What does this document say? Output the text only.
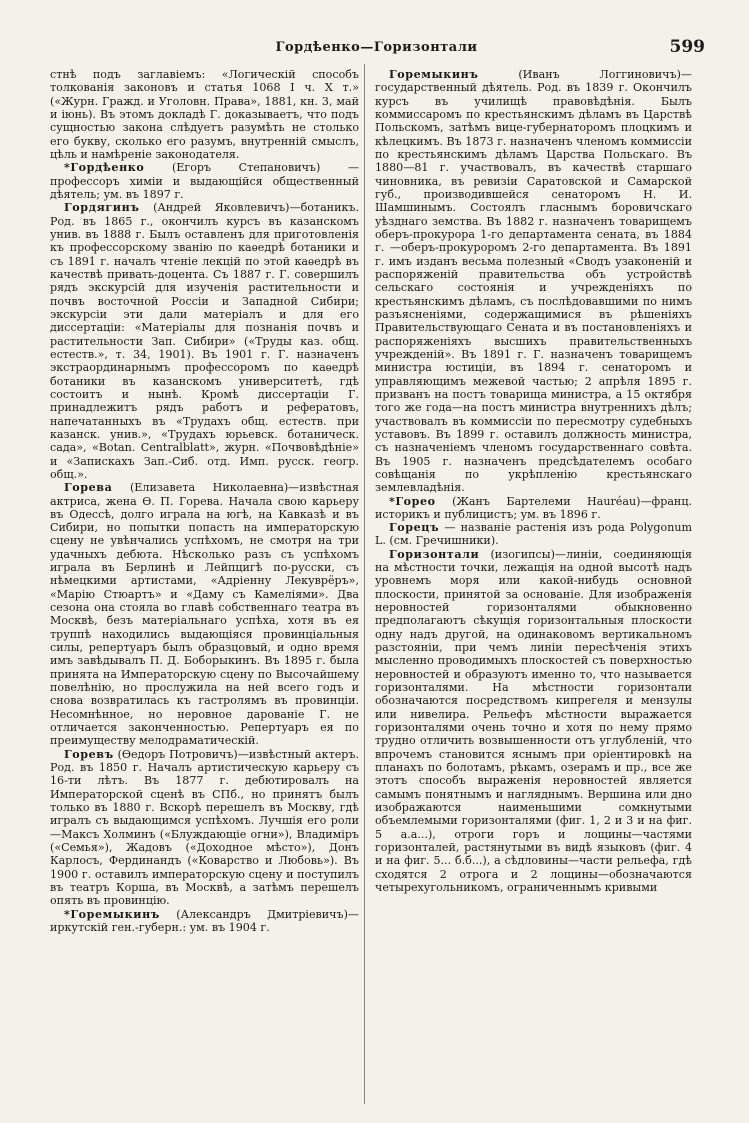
Гордѣенко—Горизонтали	599

стнѣ подъ заглавіемъ: «Логическій способъ толкованія законовъ и статья 1068 I ч. X т.» («Журн. Гражд. и Уголовн. Права», 1881, кн. 3, май и іюнь). Въ этомъ докладѣ Г. доказываетъ, что подъ сущностью закона слѣдуетъ разумѣть не столько его букву, сколько его разумъ, внутренній смыслъ, цѣль и намѣреніе законодателя.

*Гордѣенко (Егоръ Степановичъ) — профессоръ химіи и выдающійся общественный дѣятель; ум. въ 1897 г.

Гордягинъ (Андрей Яковлевичъ)—ботаникъ. Род. въ 1865 г., окончилъ курсъ въ казанскомъ унив. въ 1888 г. Былъ оставленъ для приготовленія къ профессорскому званію по каѳедрѣ ботаники и съ 1891 г. началъ чтеніе лекцій по этой каѳедрѣ въ качествѣ привать-доцента. Съ 1887 г. Г. совершилъ рядъ экскурсій для изученія растительности и почвъ восточной Россіи и Западной Сибири; экскурсіи эти дали матеріалъ и для его диссертаціи: «Матеріалы для познанія почвъ и растительности Зап. Сибири» («Труды каз. общ. естеств.», т. 34, 1901). Въ 1901 г. Г. назначенъ экстраординарнымъ профессоромъ по каѳедрѣ ботаники въ казанскомъ университетѣ, гдѣ состоитъ и нынѣ. Кромѣ диссертаціи Г. принадлежитъ рядъ работъ и рефератовъ, напечатанныхъ въ «Трудахъ общ. естеств. при казанск. унив.», «Трудахъ юрьевск. ботаническ. сада», «Botan. Centralblatt», журн. «Почвовѣдѣніе» и «Запискахъ Зап.-Сиб. отд. Имп. русск. геогр. общ.».

Горева (Елизавета Николаевна)—извѣстная актриса, жена Ѳ. П. Горева. Начала свою карьеру въ Одессѣ, долго играла на югѣ, на Кавказѣ и въ Сибири, но попытки попасть на императорскую сцену не увѣнчались успѣхомъ, не смотря на три удачныхъ дебюта. Нѣсколько разъ съ успѣхомъ играла въ Берлинѣ и Лейпцигѣ по-русски, съ нѣмецкими артистами, «Адріенну Лекуврёръ», «Марію Стюартъ» и «Даму съ Камеліями». Два сезона она стояла во главѣ собственнаго театра въ Москвѣ, безъ матеріальнаго успѣха, хотя въ ея труппѣ находились выдающіяся провинціальныя силы, репертуаръ былъ образцовый, и одно время имъ завѣдывалъ П. Д. Боборыкинъ. Въ 1895 г. была принята на Императорскую сцену по Высочайшему повелѣнію, но прослужила на ней всего годъ и снова возвратилась къ гастролямъ въ провинціи. Несомнѣнное, но неровное дарованіе Г. не отличается законченностью. Репертуаръ ея по преимуществу мелодраматическій.

Горевъ (Ѳедоръ Потровичъ)—извѣстный актеръ. Род. въ 1850 г. Началъ артистическую карьеру съ 16-ти лѣтъ. Въ 1877 г. дебютировалъ на Императорской сценѣ въ СПб., но принятъ былъ только въ 1880 г. Вскорѣ перешелъ въ Москву, гдѣ игралъ съ выдающимся успѣхомъ. Лучшія его роли—Максъ Холминъ («Блуждающіе огни»), Владиміръ («Семья»), Жадовъ («Доходное мѣсто»), Донъ Карлосъ, Фердинандъ («Коварство и Любовь»). Въ 1900 г. оставилъ императорскую сцену и поступилъ въ театръ Корша, въ Москвѣ, а затѣмъ перешелъ опять въ провинцію.

*Горемыкинъ (Александръ Дмитріевичъ)—иркутскій ген.-губерн.: ум. въ 1904 г.

Горемыкинъ (Иванъ Логгиновичъ)—государственный дѣятель. Род. въ 1839 г. Окончилъ курсъ въ училищѣ правовѣдѣнія. Былъ коммиссаромъ по крестьянскимъ дѣламъ въ Царствѣ Польскомъ, затѣмъ вице-губернаторомъ плоцкимъ и кѣлецкимъ. Въ 1873 г. назначенъ членомъ коммиссіи по крестьянскимъ дѣламъ Царства Польскаго. Въ 1880—81 г. участвовалъ, въ качествѣ старшаго чиновника, въ ревизіи Саратовской и Самарской губ., производившейся сенаторомъ Н. И. Шамшинымъ. Состоялъ гласнымъ боровичскаго уѣзднаго земства. Въ 1882 г. назначенъ товарищемъ оберъ-прокурора 1-го департамента сената, въ 1884 г. —оберъ-прокуроромъ 2-го департамента. Въ 1891 г. имъ изданъ весьма полезный «Сводъ узаконеній и распоряженій правительства объ устройствѣ сельскаго состоянія и учрежденіяхъ по крестьянскимъ дѣламъ, съ послѣдовавшими по нимъ разъясненіями, содержащимися въ рѣшеніяхъ Правительствующаго Сената и въ постановленіяхъ и распоряженіяхъ высшихъ правительственныхъ учрежденій». Въ 1891 г. Г. назначенъ товарищемъ министра юстиціи, въ 1894 г. сенаторомъ и управляющимъ межевой частью; 2 апрѣля 1895 г. призванъ на постъ товарища министра, а 15 октября того же года—на постъ министра внутреннихъ дѣлъ; участвовалъ въ коммиссіи по пересмотру судебныхъ уставовъ. Въ 1899 г. оставилъ должность министра, съ назначеніемъ членомъ государственнаго совѣта. Въ 1905 г. назначенъ предсѣдателемъ особаго совѣщанія по укрѣпленію крестьянскаго землевладѣнія.

*Гореo (Жанъ Бартелеми Hauréau)—франц. историкъ и публицистъ; ум. въ 1896 г.

Горецъ — названіе растенія изъ рода Polygonum L. (см. Гречишники).

Горизонтали (изогипсы)—линіи, соединяющія на мѣстности точки, лежащія на одной высотѣ надъ уровнемъ моря или какой-нибудь основной плоскости, принятой за основаніе. Для изображенія неровностей горизонталями обыкновенно предполагаютъ сѣкущія горизонтальныя плоскости одну надъ другой, на одинаковомъ вертикальномъ разстояніи, при чемъ линіи пересѣченія этихъ мысленно проводимыхъ плоскостей съ поверхностью неровностей и образуютъ именно то, что называется горизонталями. На мѣстности горизонтали обозначаются посредствомъ кипрегеля и мензулы или нивелира. Рельефъ мѣстности выражается горизонталями очень точно и хотя по нему прямо трудно отличить возвышенности отъ углубленій, что впрочемъ становится яснымъ при оріентировкѣ на планахъ по болотамъ, рѣкамъ, озерамъ и пр., все же этотъ способъ выраженія неровностей является самымъ понятнымъ и нагляднымъ. Вершина или дно изображаются наименьшими сомкнутыми объемлемыми горизонталями (фиг. 1, 2 и 3 и на фиг. 5 a.a...), отроги горъ и лощины—частями горизонталей, растянутыми въ видѣ языковъ (фиг. 4 и на фиг. 5... б.б...), а сѣдловины—части рельефа, гдѣ сходятся 2 отрога и 2 лощины—обозначаются четырехугольникомъ, ограниченнымъ кривыми
